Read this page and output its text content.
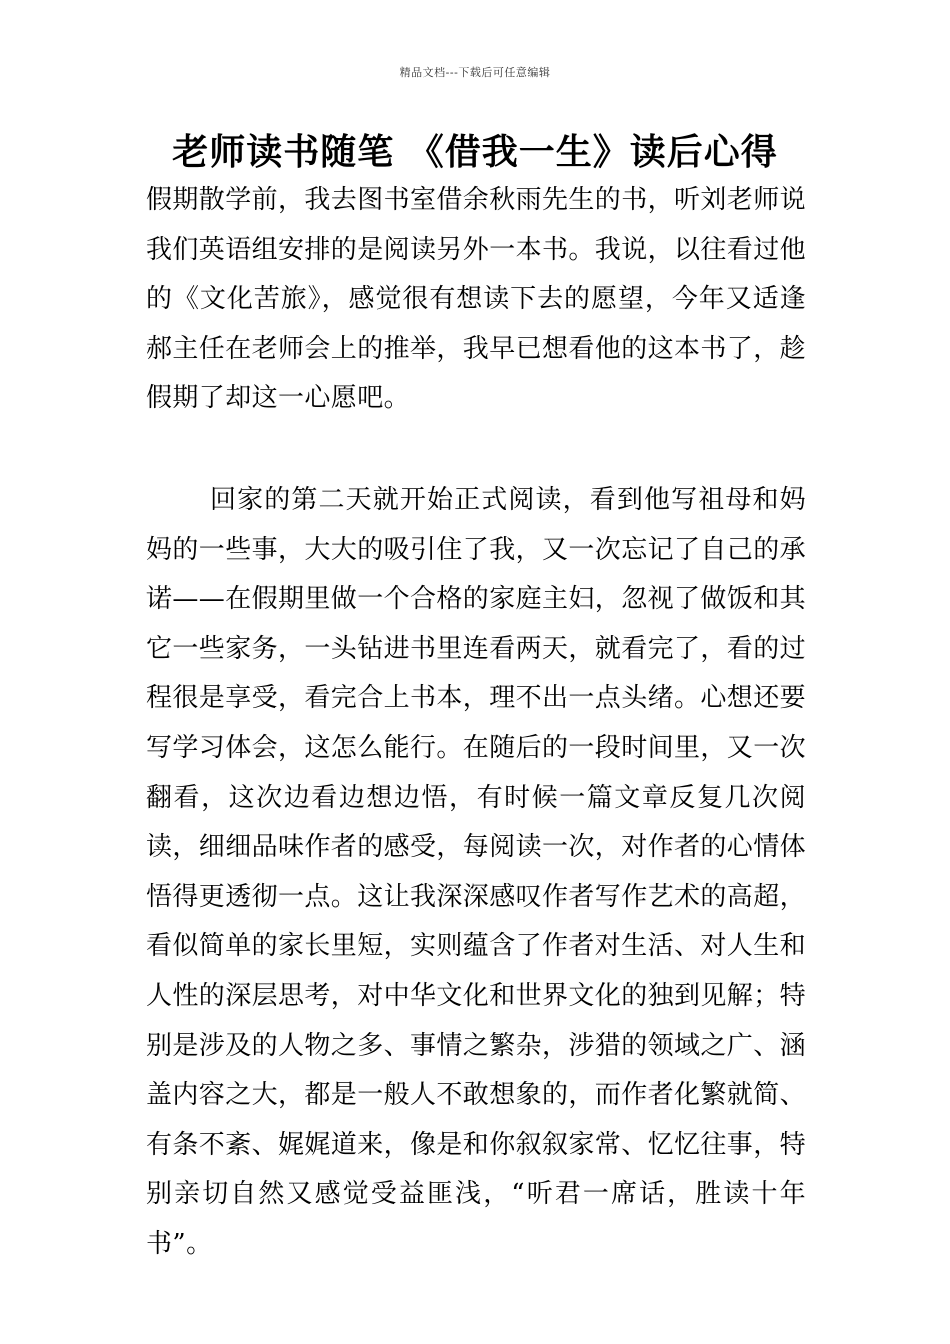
精品文档---下载后可任意编辑
老师读书随笔 《借我一生》读后心得

假期散学前，我去图书室借余秋雨先生的书，听刘老师说我们英语组安排的是阅读另外一本书。我说，以往看过他的《文化苦旅》，感觉很有想读下去的愿望，今年又适逢郝主任在老师会上的推举，我早已想看他的这本书了，趁假期了却这一心愿吧。

回家的第二天就开始正式阅读，看到他写祖母和妈妈的一些事，大大的吸引住了我，又一次忘记了自己的承诺——在假期里做一个合格的家庭主妇，忽视了做饭和其它一些家务，一头钻进书里连看两天，就看完了，看的过程很是享受，看完合上书本，理不出一点头绪。心想还要写学习体会，这怎么能行。在随后的一段时间里，又一次翻看，这次边看边想边悟，有时候一篇文章反复几次阅读，细细品味作者的感受，每阅读一次，对作者的心情体悟得更透彻一点。这让我深深感叹作者写作艺术的高超，看似简单的家长里短，实则蕴含了作者对生活、对人生和人性的深层思考，对中华文化和世界文化的独到见解；特别是涉及的人物之多、事情之繁杂，涉猎的领域之广、涵盖内容之大，都是一般人不敢想象的，而作者化繁就简、有条不紊、娓娓道来，像是和你叙叙家常、忆忆往事，特别亲切自然又感觉受益匪浅，“听君一席话，胜读十年书”。
